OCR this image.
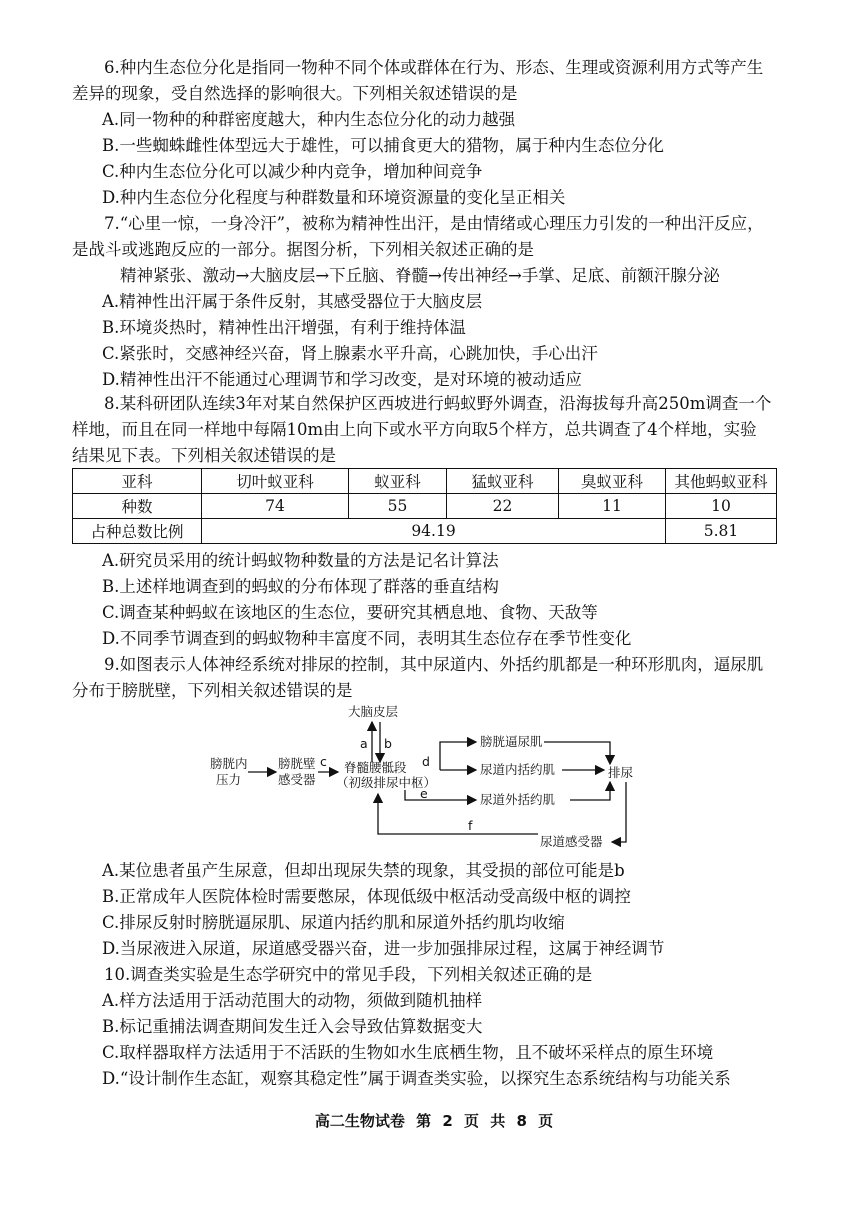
6.种内生态位分化是指同一物种不同个体或群体在行为、形态、生理或资源利用方式等产生差异的现象，受自然选择的影响很大。下列相关叙述错误的是

A.同一物种的种群密度越大，种内生态位分化的动力越强

B.一些蜘蛛雌性体型远大于雄性，可以捕食更大的猎物，属于种内生态位分化

C.种内生态位分化可以减少种内竞争，增加种间竞争

D.种内生态位分化程度与种群数量和环境资源量的变化呈正相关

7.“心里一惊，一身冷汗”，被称为精神性出汗，是由情绪或心理压力引发的一种出汗反应，是战斗或逃跑反应的一部分。据图分析，下列相关叙述正确的是

精神紧张、激动→大脑皮层→下丘脑、脊髓→传出神经→手掌、足底、前额汗腺分泌

A.精神性出汗属于条件反射，其感受器位于大脑皮层

B.环境炎热时，精神性出汗增强，有利于维持体温

C.紧张时，交感神经兴奋，肾上腺素水平升高，心跳加快，手心出汗

D.精神性出汗不能通过心理调节和学习改变，是对环境的被动适应

8.某科研团队连续3年对某自然保护区西坡进行蚂蚁野外调查，沿海拔每升高250m调查一个样地，而且在同一样地中每隔10m由上向下或水平方向取5个样方，总共调查了4个样地，实验结果见下表。下列相关叙述错误的是

亚科	切叶蚁亚科	蚁亚科	猛蚁亚科	臭蚁亚科	其他蚂蚁亚科
种数	74	55	22	11	10
占种总数比例	94.19				5.81

A.研究员采用的统计蚂蚁物种数量的方法是记名计算法

B.上述样地调查到的蚂蚁的分布体现了群落的垂直结构

C.调查某种蚂蚁在该地区的生态位，要研究其栖息地、食物、天敌等

D.不同季节调查到的蚂蚁物种丰富度不同，表明其生态位存在季节性变化

9.如图表示人体神经系统对排尿的控制，其中尿道内、外括约肌都是一种环形肌肉，逼尿肌分布于膀胱壁，下列相关叙述错误的是

大脑皮层
a b
膀胱内
压力
膀胱壁
感受器
c 脊髓腰骶段
（初级排尿中枢）
d
e
膀胱逼尿肌
尿道内括约肌
尿道外括约肌
排尿
尿道感受器
f

A.某位患者虽产生尿意，但却出现尿失禁的现象，其受损的部位可能是b

B.正常成年人医院体检时需要憋尿，体现低级中枢活动受高级中枢的调控

C.排尿反射时膀胱逼尿肌、尿道内括约肌和尿道外括约肌均收缩

D.当尿液进入尿道，尿道感受器兴奋，进一步加强排尿过程，这属于神经调节

10.调查类实验是生态学研究中的常见手段，下列相关叙述正确的是

A.样方法适用于活动范围大的动物，须做到随机抽样

B.标记重捕法调查期间发生迁入会导致估算数据变大

C.取样器取样方法适用于不活跃的生物如水生底栖生物，且不破坏采样点的原生环境

D.“设计制作生态缸，观察其稳定性”属于调查类实验，以探究生态系统结构与功能关系

高二生物试卷 第 2 页 共 8 页
